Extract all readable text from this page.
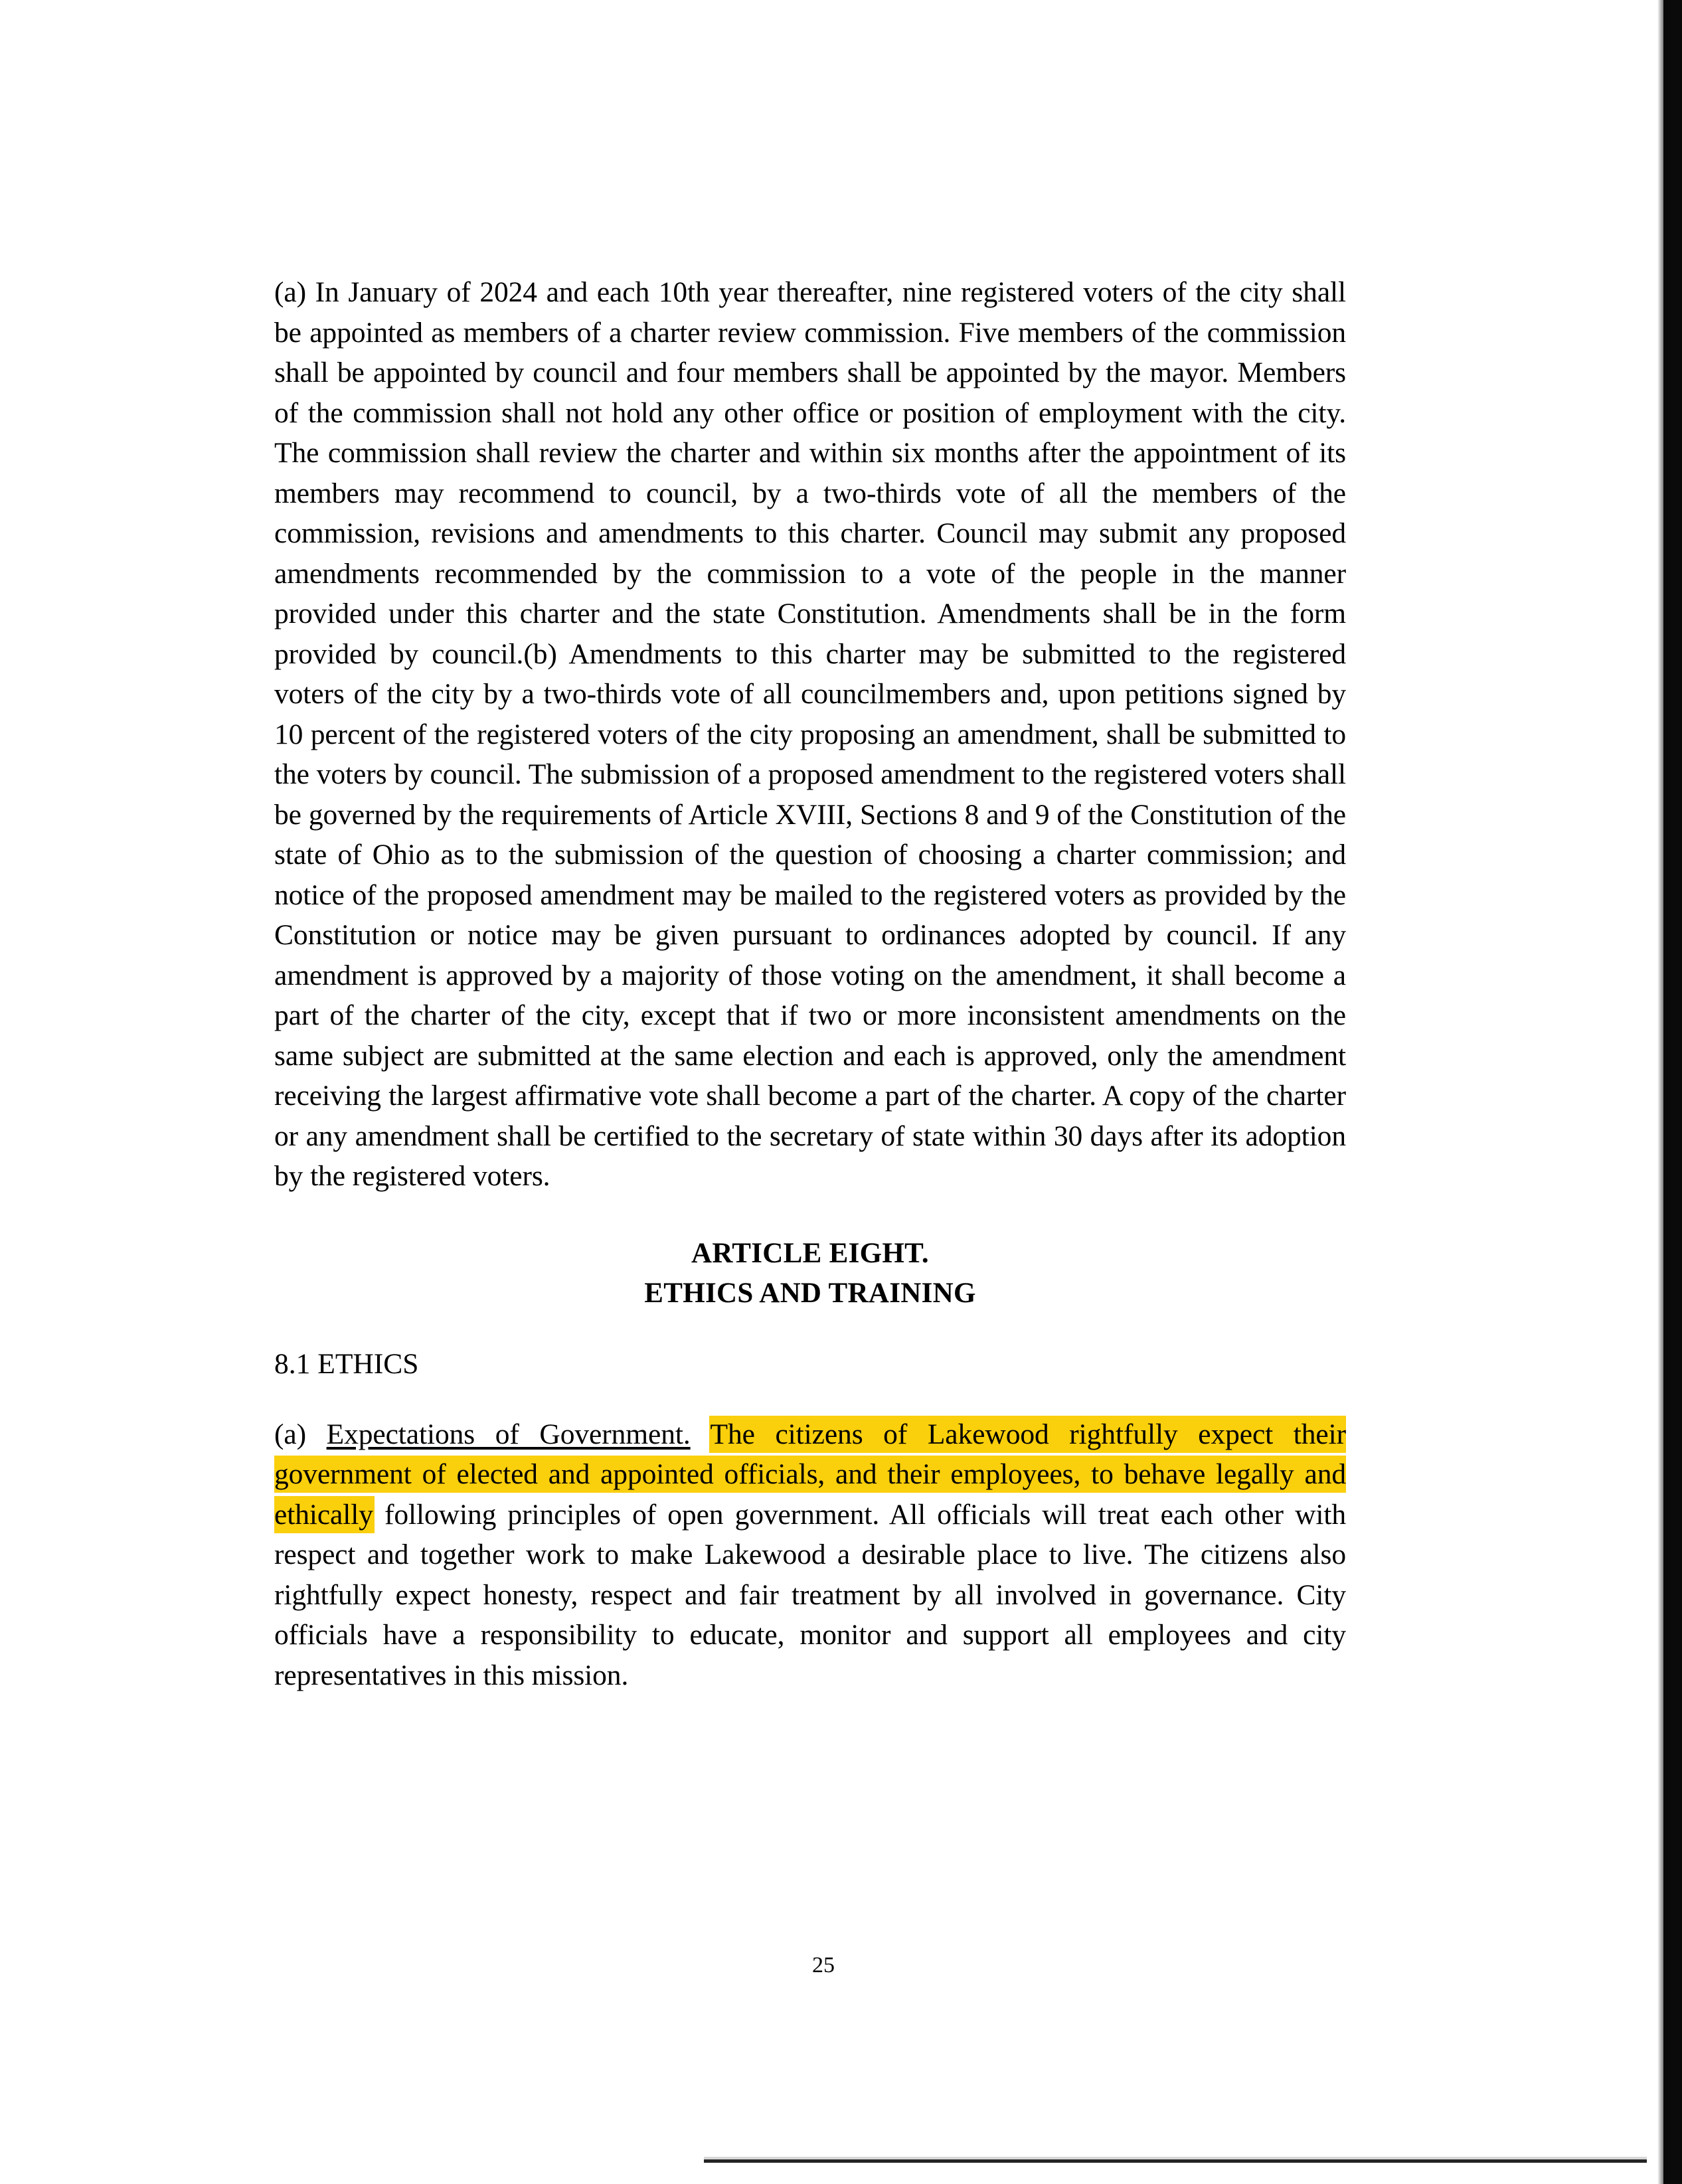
(a) In January of 2024 and each 10th year thereafter, nine registered voters of the city shall be appointed as members of a charter review commission. Five members of the commission shall be appointed by council and four members shall be appointed by the mayor. Members of the commission shall not hold any other office or position of employment with the city. The commission shall review the charter and within six months after the appointment of its members may recommend to council, by a two-thirds vote of all the members of the commission, revisions and amendments to this charter. Council may submit any proposed amendments recommended by the commission to a vote of the people in the manner provided under this charter and the state Constitution. Amendments shall be in the form provided by council.(b) Amendments to this charter may be submitted to the registered voters of the city by a two-thirds vote of all councilmembers and, upon petitions signed by 10 percent of the registered voters of the city proposing an amendment, shall be submitted to the voters by council. The submission of a proposed amendment to the registered voters shall be governed by the requirements of Article XVIII, Sections 8 and 9 of the Constitution of the state of Ohio as to the submission of the question of choosing a charter commission; and notice of the proposed amendment may be mailed to the registered voters as provided by the Constitution or notice may be given pursuant to ordinances adopted by council. If any amendment is approved by a majority of those voting on the amendment, it shall become a part of the charter of the city, except that if two or more inconsistent amendments on the same subject are submitted at the same election and each is approved, only the amendment receiving the largest affirmative vote shall become a part of the charter. A copy of the charter or any amendment shall be certified to the secretary of state within 30 days after its adoption by the registered voters.

ARTICLE EIGHT.
ETHICS AND TRAINING
8.1 ETHICS

(a) Expectations of Government. The citizens of Lakewood rightfully expect their government of elected and appointed officials, and their employees, to behave legally and ethically following principles of open government. All officials will treat each other with respect and together work to make Lakewood a desirable place to live. The citizens also rightfully expect honesty, respect and fair treatment by all involved in governance. City officials have a responsibility to educate, monitor and support all employees and city representatives in this mission.

25
